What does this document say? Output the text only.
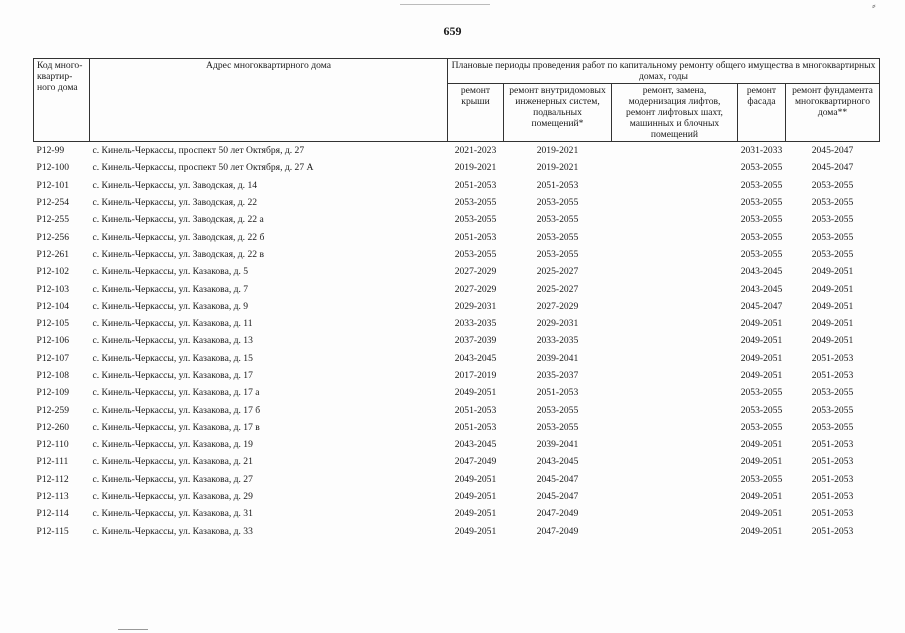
⸗
659
Код много-квартир-ного дома	Адрес многоквартирного дома	Плановые периоды проведения работ по капитальному ремонту общего имущества в многоквартирных домах, годы				
		ремонт крыши	ремонт внутридомовых инженерных систем, подвальных помещений*	ремонт, замена, модернизация лифтов, ремонт лифтовых шахт, машинных и блочных помещений	ремонт фасада	ремонт фундамента многоквартирного дома**
Р12-99	с. Кинель-Черкассы, проспект 50 лет Октября, д. 27	2021-2023	2019-2021		2031-2033	2045-2047
Р12-100	с. Кинель-Черкассы, проспект 50 лет Октября, д. 27 А	2019-2021	2019-2021		2053-2055	2045-2047
Р12-101	с. Кинель-Черкассы, ул. Заводская, д. 14	2051-2053	2051-2053		2053-2055	2053-2055
Р12-254	с. Кинель-Черкассы, ул. Заводская, д. 22	2053-2055	2053-2055		2053-2055	2053-2055
Р12-255	с. Кинель-Черкассы, ул. Заводская, д. 22 а	2053-2055	2053-2055		2053-2055	2053-2055
Р12-256	с. Кинель-Черкассы, ул. Заводская, д. 22 б	2051-2053	2053-2055		2053-2055	2053-2055
Р12-261	с. Кинель-Черкассы, ул. Заводская, д. 22 в	2053-2055	2053-2055		2053-2055	2053-2055
Р12-102	с. Кинель-Черкассы, ул. Казакова, д. 5	2027-2029	2025-2027		2043-2045	2049-2051
Р12-103	с. Кинель-Черкассы, ул. Казакова, д. 7	2027-2029	2025-2027		2043-2045	2049-2051
Р12-104	с. Кинель-Черкассы, ул. Казакова, д. 9	2029-2031	2027-2029		2045-2047	2049-2051
Р12-105	с. Кинель-Черкассы, ул. Казакова, д. 11	2033-2035	2029-2031		2049-2051	2049-2051
Р12-106	с. Кинель-Черкассы, ул. Казакова, д. 13	2037-2039	2033-2035		2049-2051	2049-2051
Р12-107	с. Кинель-Черкассы, ул. Казакова, д. 15	2043-2045	2039-2041		2049-2051	2051-2053
Р12-108	с. Кинель-Черкассы, ул. Казакова, д. 17	2017-2019	2035-2037		2049-2051	2051-2053
Р12-109	с. Кинель-Черкассы, ул. Казакова, д. 17 а	2049-2051	2051-2053		2053-2055	2053-2055
Р12-259	с. Кинель-Черкассы, ул. Казакова, д. 17 б	2051-2053	2053-2055		2053-2055	2053-2055
Р12-260	с. Кинель-Черкассы, ул. Казакова, д. 17 в	2051-2053	2053-2055		2053-2055	2053-2055
Р12-110	с. Кинель-Черкассы, ул. Казакова, д. 19	2043-2045	2039-2041		2049-2051	2051-2053
Р12-111	с. Кинель-Черкассы, ул. Казакова, д. 21	2047-2049	2043-2045		2049-2051	2051-2053
Р12-112	с. Кинель-Черкассы, ул. Казакова, д. 27	2049-2051	2045-2047		2053-2055	2051-2053
Р12-113	с. Кинель-Черкассы, ул. Казакова, д. 29	2049-2051	2045-2047		2049-2051	2051-2053
Р12-114	с. Кинель-Черкассы, ул. Казакова, д. 31	2049-2051	2047-2049		2049-2051	2051-2053
Р12-115	с. Кинель-Черкассы, ул. Казакова, д. 33	2049-2051	2047-2049		2049-2051	2051-2053
